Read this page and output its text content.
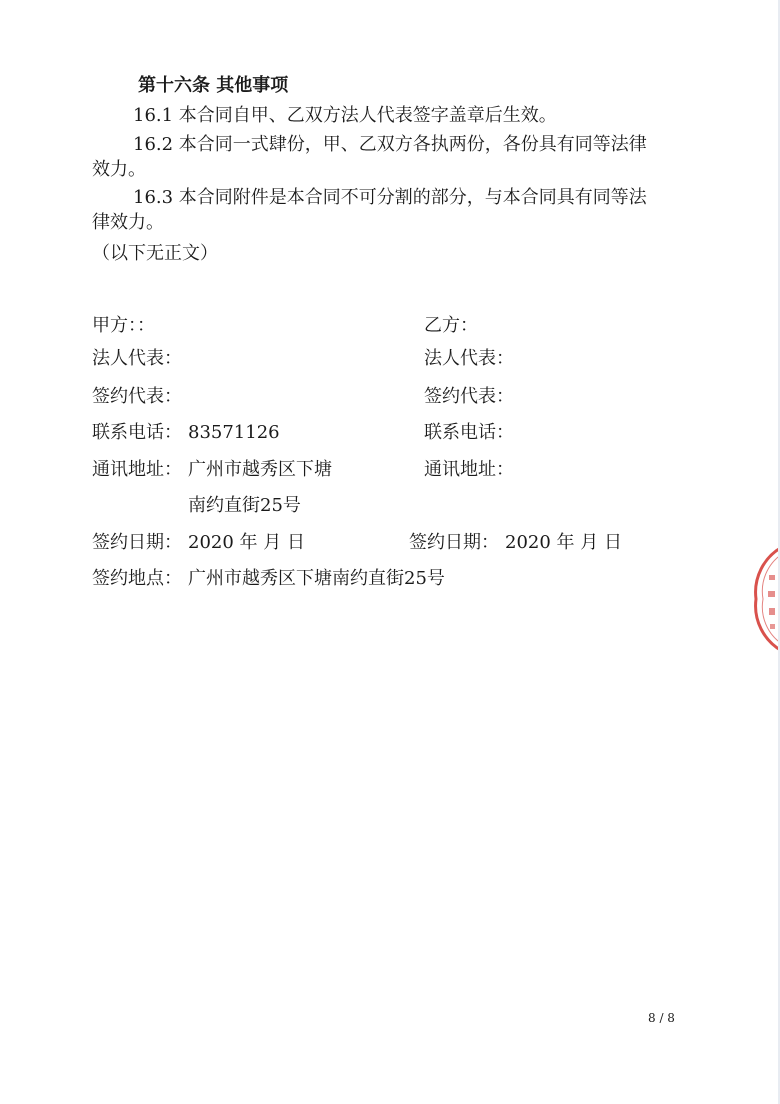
第十六条 其他事项
16.1 本合同自甲、乙双方法人代表签字盖章后生效。
16.2 本合同一式肆份，甲、乙双方各执两份，各份具有同等法律
效力。
16.3 本合同附件是本合同不可分割的部分，与本合同具有同等法
律效力。
（以下无正文）
甲方：：
法人代表：
签约代表：
联系电话： 83571126
通讯地址： 广州市越秀区下塘
南约直街25号
签约日期： 2020 年 月 日
乙方：
法人代表：
签约代表：
联系电话：
通讯地址：
签约日期： 2020 年 月 日
签约地点： 广州市越秀区下塘南约直街25号
8 / 8
